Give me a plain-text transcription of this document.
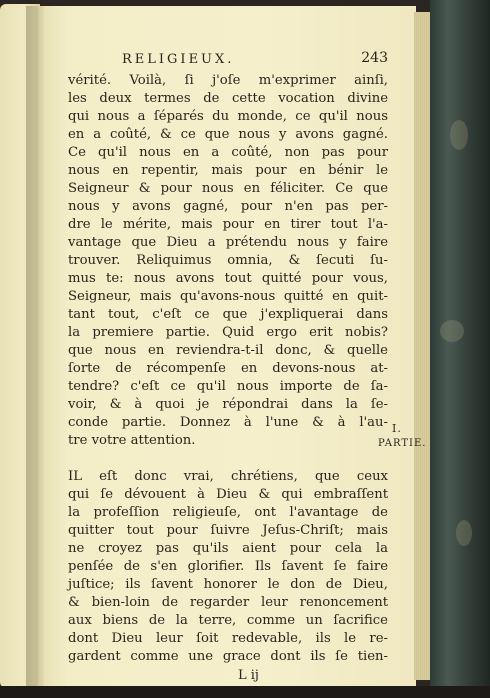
RELIGIEUX.	243
vérité. Voilà, ſi j'oſe m'exprimer ainſi,
les deux termes de cette vocation divine
qui nous a ſéparés du monde, ce qu'il nous
en a coûté, & ce que nous y avons gagné.
Ce qu'il nous en a coûté, non pas pour
nous en repentir, mais pour en bénir le
Seigneur & pour nous en féliciter. Ce que
nous y avons gagné, pour n'en pas per-
dre le mérite, mais pour en tirer tout l'a-
vantage que Dieu a prétendu nous y faire
trouver. Reliquimus omnia, & ſecuti ſu-
mus te: nous avons tout quitté pour vous,
Seigneur, mais qu'avons-nous quitté en quit-
tant tout, c'eſt ce que j'expliquerai dans
la premiere partie. Quid ergo erit nobis?
que nous en reviendra-t-il donc, & quelle
ſorte de récompenſe en devons-nous at-
tendre? c'eſt ce qu'il nous importe de ſa-
voir, & à quoi je répondrai dans la ſe-
conde partie. Donnez à l'une & à l'au-
tre votre attention.
IL eſt donc vrai, chrétiens, que ceux
qui ſe dévouent à Dieu & qui embraſſent
la profeſſion religieuſe, ont l'avantage de
quitter tout pour ſuivre Jeſus-Chriſt; mais
ne croyez pas qu'ils aient pour cela la
penſée de s'en glorifier. Ils ſavent ſe faire
juſtice; ils ſavent honorer le don de Dieu,
& bien-loin de regarder leur renoncement
aux biens de la terre, comme un ſacrifice
dont Dieu leur ſoit redevable, ils le re-
gardent comme une grace dont ils ſe tien-
I.
PARTIE.
L ij
